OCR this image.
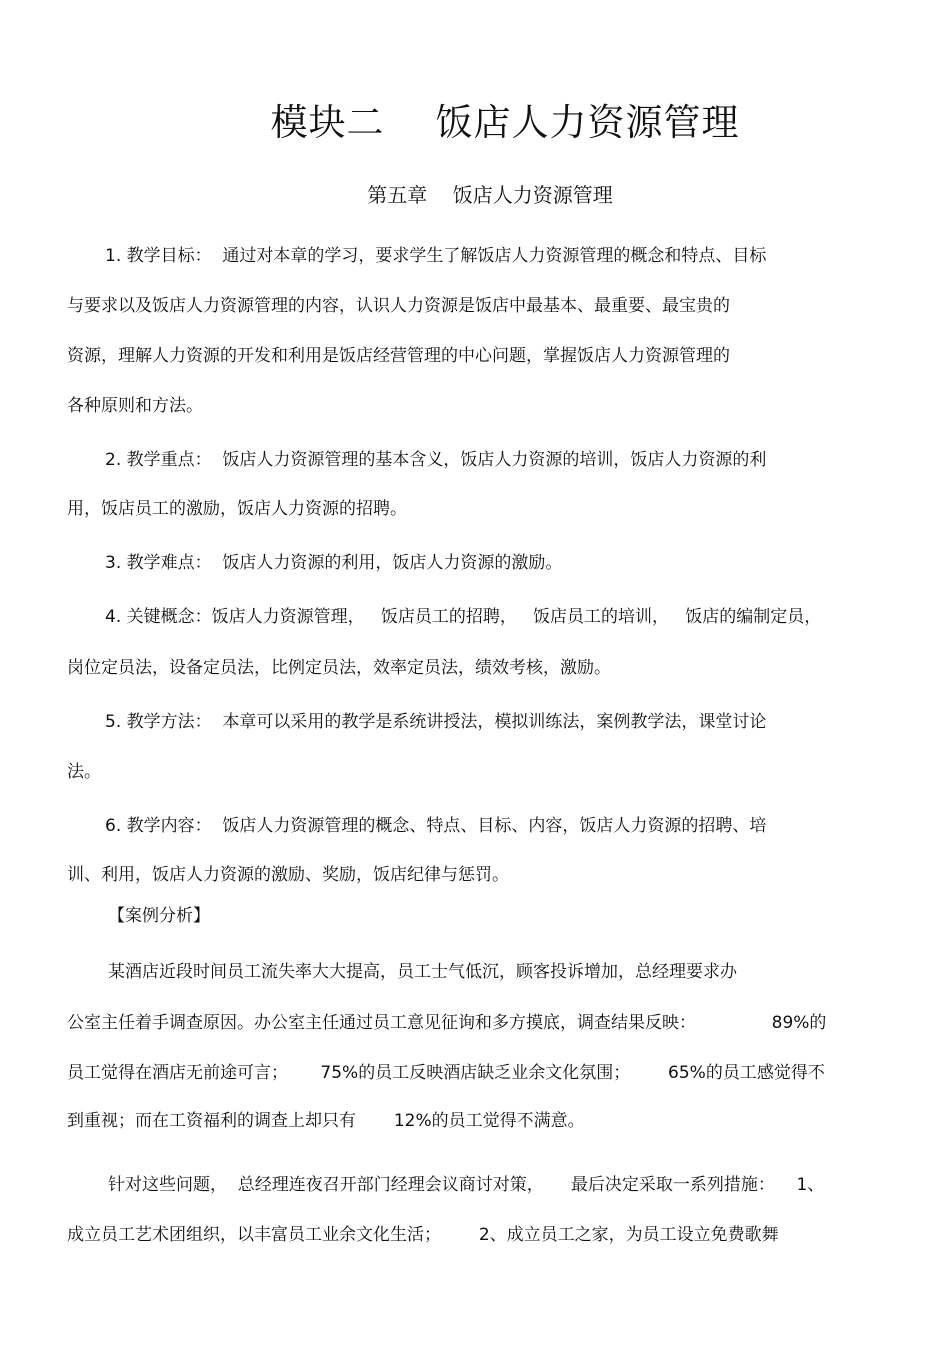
模块二    饭店人力资源管理
第五章    饭店人力资源管理
1. 教学目标：  通过对本章的学习，要求学生了解饭店人力资源管理的概念和特点、目标
与要求以及饭店人力资源管理的内容，认识人力资源是饭店中最基本、最重要、最宝贵的
资源，理解人力资源的开发和利用是饭店经营管理的中心问题，掌握饭店人力资源管理的
各种原则和方法。
2. 教学重点：  饭店人力资源管理的基本含义，饭店人力资源的培训，饭店人力资源的利
用，饭店员工的激励，饭店人力资源的招聘。
3. 教学难点：  饭店人力资源的利用，饭店人力资源的激励。
4. 关键概念：饭店人力资源管理，   饭店员工的招聘，   饭店员工的培训，   饭店的编制定员，
岗位定员法，设备定员法，比例定员法，效率定员法，绩效考核，激励。
5. 教学方法：  本章可以采用的教学是系统讲授法，模拟训练法，案例教学法，课堂讨论
法。
6. 教学内容：  饭店人力资源管理的概念、特点、目标、内容，饭店人力资源的招聘、培
训、利用，饭店人力资源的激励、奖励，饭店纪律与惩罚。
【案例分析】
某酒店近段时间员工流失率大大提高，员工士气低沉，顾客投诉增加，总经理要求办
公室主任着手调查原因。办公室主任通过员工意见征询和多方摸底，调查结果反映：              89%的
员工觉得在酒店无前途可言；      75%的员工反映酒店缺乏业余文化氛围；       65%的员工感觉得不
到重视；而在工资福利的调查上却只有       12%的员工觉得不满意。
针对这些问题，  总经理连夜召开部门经理会议商讨对策，     最后决定采取一系列措施：    1、
成立员工艺术团组织，以丰富员工业余文化生活；       2、成立员工之家，为员工设立免费歌舞
